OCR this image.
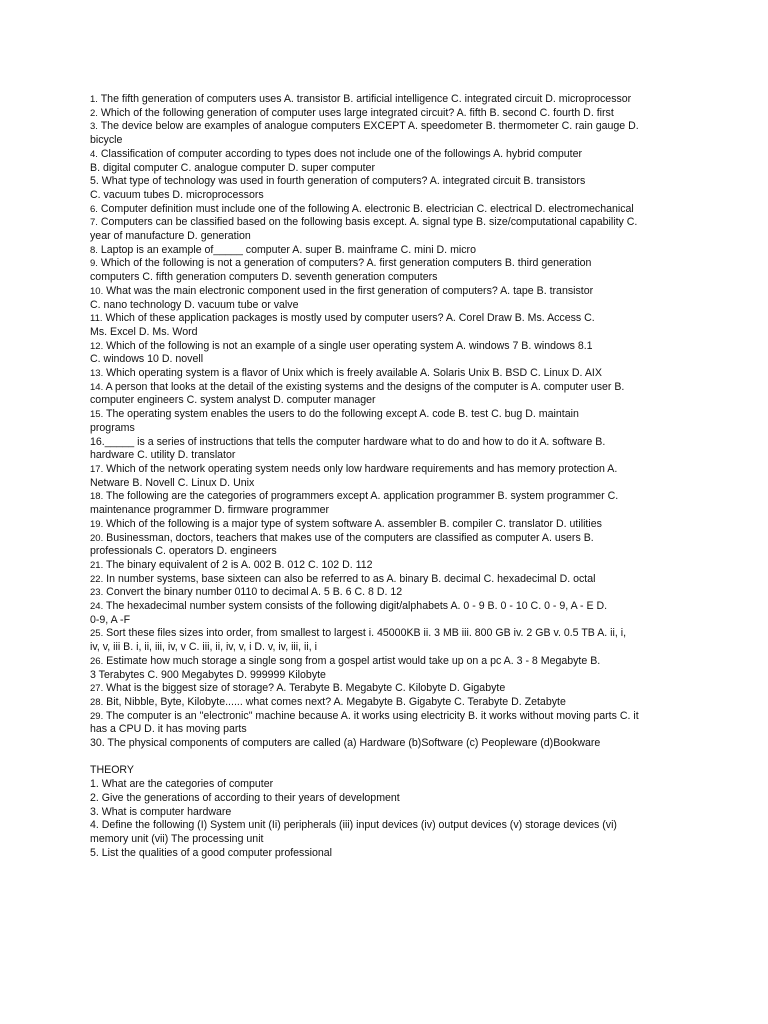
1. The fifth generation of computers uses A. transistor B. artificial intelligence C. integrated circuit D. microprocessor
2. Which of the following generation of computer uses large integrated circuit? A. fifth B. second C. fourth D. first
3. The device below are examples of analogue computers EXCEPT A. speedometer B. thermometer C. rain gauge D.
bicycle
4. Classification of computer according to types does not include one of the followings A. hybrid computer
B. digital computer C. analogue computer D. super computer
5. What type of technology was used in fourth generation of computers? A. integrated circuit B. transistors
C. vacuum tubes D. microprocessors
6. Computer definition must include one of the following A. electronic B. electrician C. electrical D. electromechanical
7. Computers can be classified based on the following basis except. A. signal type B. size/computational capability C.
year of manufacture D. generation
8. Laptop is an example of_____ computer A. super B. mainframe C. mini D. micro
9. Which of the following is not a generation of computers? A. first generation computers B. third generation
computers C. fifth generation computers D. seventh generation computers
10. What was the main electronic component used in the first generation of computers? A. tape B. transistor
C. nano technology D. vacuum tube or valve
11. Which of these application packages is mostly used by computer users? A. Corel Draw B. Ms. Access C.
Ms. Excel D. Ms. Word
12. Which of the following is not an example of a single user operating system A. windows 7 B. windows 8.1
C. windows 10 D. novell
13. Which operating system is a flavor of Unix which is freely available A. Solaris Unix B. BSD C. Linux D. AIX
14. A person that looks at the detail of the existing systems and the designs of the computer is A. computer user B.
computer engineers C. system analyst D. computer manager
15. The operating system enables the users to do the following except A. code B. test C. bug D. maintain
programs
16._____ is a series of instructions that tells the computer hardware what to do and how to do it A. software B.
hardware C. utility D. translator
17. Which of the network operating system needs only low hardware requirements and has memory protection A.
Netware B. Novell C. Linux D. Unix
18. The following are the categories of programmers except A. application programmer B. system programmer C.
maintenance programmer D. firmware programmer
19. Which of the following is a major type of system software A. assembler B. compiler C. translator D. utilities
20. Businessman, doctors, teachers that makes use of the computers are classified as computer A. users B.
professionals C. operators D. engineers
21. The binary equivalent of 2 is A. 002 B. 012 C. 102 D. 112
22. In number systems, base sixteen can also be referred to as A. binary B. decimal C. hexadecimal D. octal
23. Convert the binary number 0110 to decimal A. 5 B. 6 C. 8 D. 12
24. The hexadecimal number system consists of the following digit/alphabets A. 0 - 9 B. 0 - 10 C. 0 - 9, A - E D.
0-9, A -F
25. Sort these files sizes into order, from smallest to largest i. 45000KB ii. 3 MB iii. 800 GB iv. 2 GB v. 0.5 TB A. ii, i,
iv, v, iii B. i, ii, iii, iv, v C. iii, ii, iv, v, i D. v, iv, iii, ii, i
26. Estimate how much storage a single song from a gospel artist would take up on a pc A. 3 - 8 Megabyte B.
3 Terabytes C. 900 Megabytes D. 999999 Kilobyte
27. What is the biggest size of storage? A. Terabyte B. Megabyte C. Kilobyte D. Gigabyte
28. Bit, Nibble, Byte, Kilobyte...... what comes next? A. Megabyte B. Gigabyte C. Terabyte D. Zetabyte
29. The computer is an "electronic" machine because A. it works using electricity B. it works without moving parts C. it
has a CPU D. it has moving parts
30. The physical components of computers are called (a) Hardware (b)Software (c) Peopleware (d)Bookware
THEORY
1. What are the categories of computer
2. Give the generations of according to their years of development
3. What is computer hardware
4. Define the following (I) System unit (Ii) peripherals (iii) input devices (iv) output devices (v) storage devices (vi)
memory unit (vii) The processing unit
5. List the qualities of a good computer professional
